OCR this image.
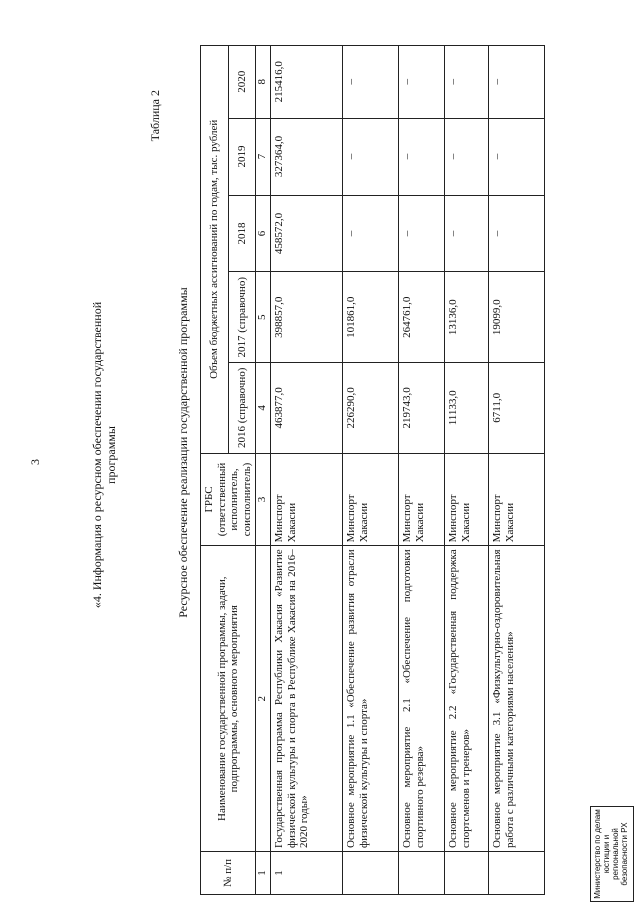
3	«4. Информация о ресурсном обеспечении государственной программы
Таблица 2
Ресурсное обеспечение реализации государственной программы
№ п/п	Наименование государственной программы, задачи, подпрограммы, основного мероприятия	ГРБС (ответственный исполнитель, соисполнитель)	Объем бюджетных ассигнований по годам, тыс. рублей				
			2016 (справочно)	2017 (справочно)	2018	2019	2020
1	2	3	4	5	6	7	8
1	Государственная программа Республики Хакасия «Развитие физической культуры и спорта в Республике Хакасия на 2016–2020 годы»	Минспорт Хакасии	463877,0	398857,0	458572,0	327364,0	215416,0
	Основное мероприятие 1.1 «Обеспечение развития отрасли физической культуры и спорта»	Минспорт Хакасии	226290,0	101861,0	–	–	–
	Основное мероприятие 2.1 «Обеспечение подготовки спортивного резерва»	Минспорт Хакасии	219743,0	264761,0	–	–	–
	Основное мероприятие 2.2 «Государственная поддержка спортсменов и тренеров»	Минспорт Хакасии	11133,0	13136,0	–	–	–
	Основное мероприятие 3.1 «Физкультурно-оздоровительная работа с различными категориями населения»	Минспорт Хакасии	6711,0	19099,0	–	–	–
Министерство по делам юстиции и региональной безопасности РХ
